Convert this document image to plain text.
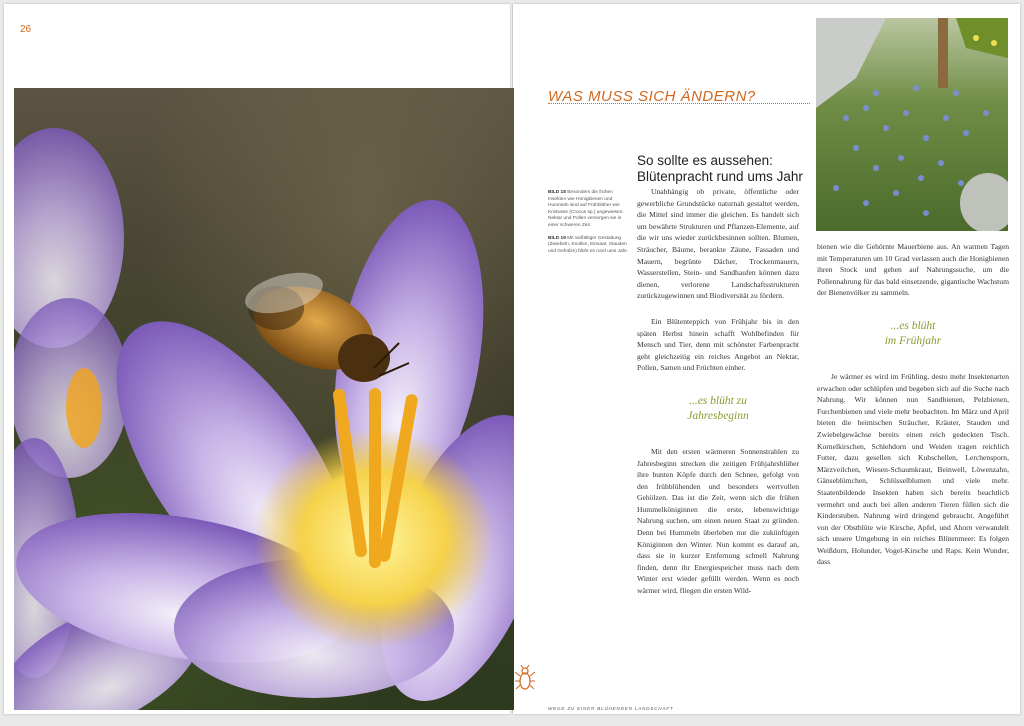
26
WAS MUSS SICH ÄNDERN?
So sollte es aussehen:
Blütenpracht rund ums Jahr

BILD 18 Besonders die frühen Insekten wie Honigbienen und Hummeln sind auf Frühblüher wie Krokusse (Crocus sp.) angewiesen. Nektar und Pollen versorgen sie in einer schweren Zeit.

BILD 19 Mit vielfältiger Gestaltung (Zwiebeln, Knollen, Einsaat, Stauden und Gehölze) blüht es rund ums Jahr.

Unabhängig ob private, öffentliche oder gewerbliche Grundstücke naturnah gestaltet werden, die Mittel sind immer die gleichen. Es handelt sich um bewährte Strukturen und Pflanzen-Elemente, auf die wir uns wieder zurückbesinnen sollten. Blumen, Sträucher, Bäume, berankte Zäune, Fassaden und Mauern, begrünte Dächer, Trockenmauern, Wasserstellen, Stein- und Sandhaufen können dazu dienen, verlorene Landschaftsstrukturen zurückzugewinnen und Biodiversität zu fördern.

Ein Blütenteppich von Frühjahr bis in den späten Herbst hinein schafft Wohlbefinden für Mensch und Tier, denn mit schönster Farbenpracht geht gleichzeitig ein reiches Angebot an Nektar, Pollen, Samen und Früchten einher.

...es blüht zu
Jahresbeginn

Mit den ersten wärmeren Sonnenstrahlen zu Jahresbeginn strecken die zeitigen Frühjahrsblüher ihre bunten Köpfe durch den Schnee, gefolgt von den frühblühenden und besonders wertvollen Gehölzen. Das ist die Zeit, wenn sich die frühen Hummelköniginnen die erste, lebenswichtige Nahrung suchen, um einen neuen Staat zu gründen. Denn bei Hummeln überleben nur die zukünftigen Königinnen den Winter. Nun kommt es darauf an, dass sie in kurzer Entfernung schnell Nahrung finden, denn ihr Energiespeicher muss nach dem Winter erst wieder gefüllt werden. Wenn es noch wärmer wird, fliegen die ersten Wild-

bienen wie die Gehörnte Mauerbiene aus. An warmen Tagen mit Temperaturen um 10 Grad verlassen auch die Honigbienen ihren Stock und gehen auf Nahrungssuche, um die Pollennahrung für das bald einsetzende, gigantische Wachstum der Bienenvölker zu sammeln.

...es blüht
im Frühjahr

Je wärmer es wird im Frühling, desto mehr Insektenarten erwachen oder schlüpfen und begeben sich auf die Suche nach Nahrung. Wir können nun Sandbienen, Pelzbienen, Furchenbienen und viele mehr beobachten. Im März und April bieten die heimischen Sträucher, Kräuter, Stauden und Zwiebelgewächse bereits einen reich gedeckten Tisch. Kornelkirschen, Schlehdorn und Weiden tragen reichlich Futter, dazu gesellen sich Kuhschellen, Lerchensporn, Märzveilchen, Wiesen-Schaumkraut, Beinwell, Löwenzahn, Gänseblümchen, Schlüsselblumen und viele mehr. Staatenbildende Insekten haben sich bereits beachtlich vermehrt und auch bei allen anderen Tieren füllen sich die Kinderstuben. Nahrung wird dringend gebraucht. Angeführt von der Obstblüte wie Kirsche, Apfel, und Ahorn verwandelt sich unsere Umgebung in ein reiches Blütenmeer: Es folgen Weißdorn, Holunder, Vogel-Kirsche und Raps. Kein Wunder, dass

WEGE ZU EINER BLÜHENDEN LANDSCHAFT
